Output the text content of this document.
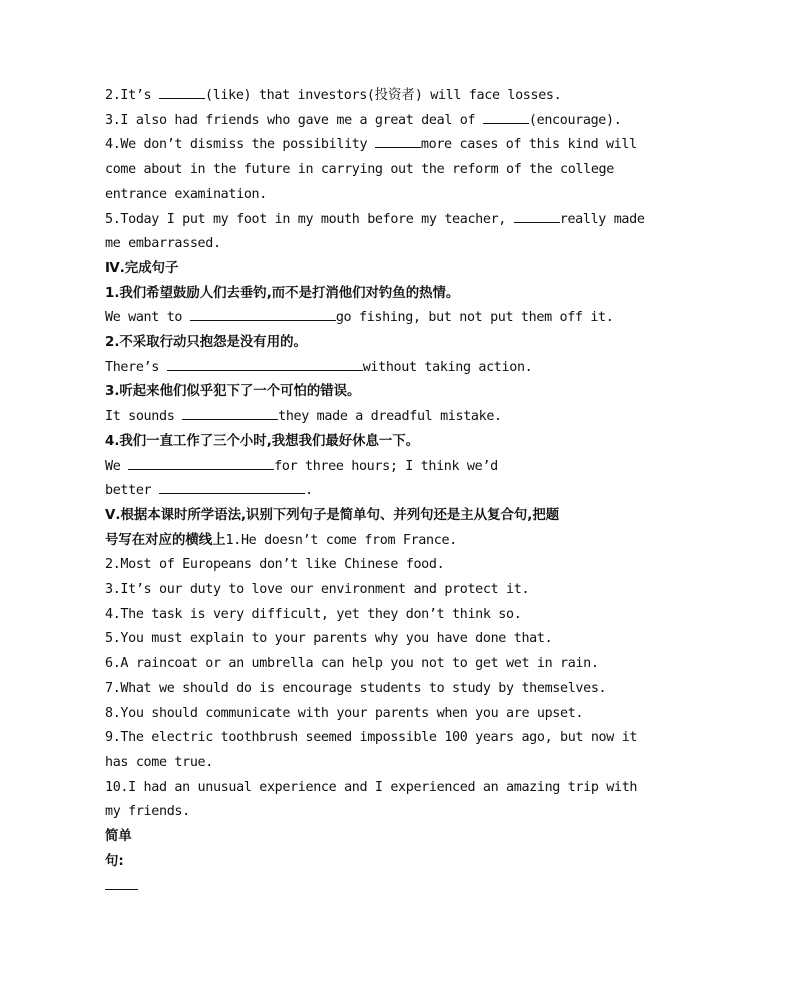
2.It’s	(like) that investors(投资者) will face losses.
3.I also had friends who gave me a great deal of	(encourage).
4.We don’t dismiss the possibility	more cases of this kind will
come about in the future in carrying out the reform of the college
entrance examination.
5.Today I put my foot in my mouth before my teacher,	really made
me embarrassed.
Ⅳ.完成句子
1.我们希望鼓励人们去垂钓,而不是打消他们对钓鱼的热情。
We want to	go fishing, but not put them off it.
2.不采取行动只抱怨是没有用的。
There’s	without taking action.
3.听起来他们似乎犯下了一个可怕的错误。
It sounds	they made a dreadful mistake.
4.我们一直工作了三个小时,我想我们最好休息一下。
We	for three hours; I think we’d
better	.
Ⅴ.根据本课时所学语法,识别下列句子是简单句、并列句还是主从复合句,把题
号写在对应的横线上1.He doesn’t come from France.
2.Most of Europeans don’t like Chinese food.
3.It’s our duty to love our environment and protect it.
4.The task is very difficult, yet they don’t think so.
5.You must explain to your parents why you have done that.
6.A raincoat or an umbrella can help you not to get wet in rain.
7.What we should do is encourage students to study by themselves.
8.You should communicate with your parents when you are upset.
9.The electric toothbrush seemed impossible 100 years ago, but now it
has come true.
10.I had an unusual experience and I experienced an amazing trip with
my friends.
简单
句:
